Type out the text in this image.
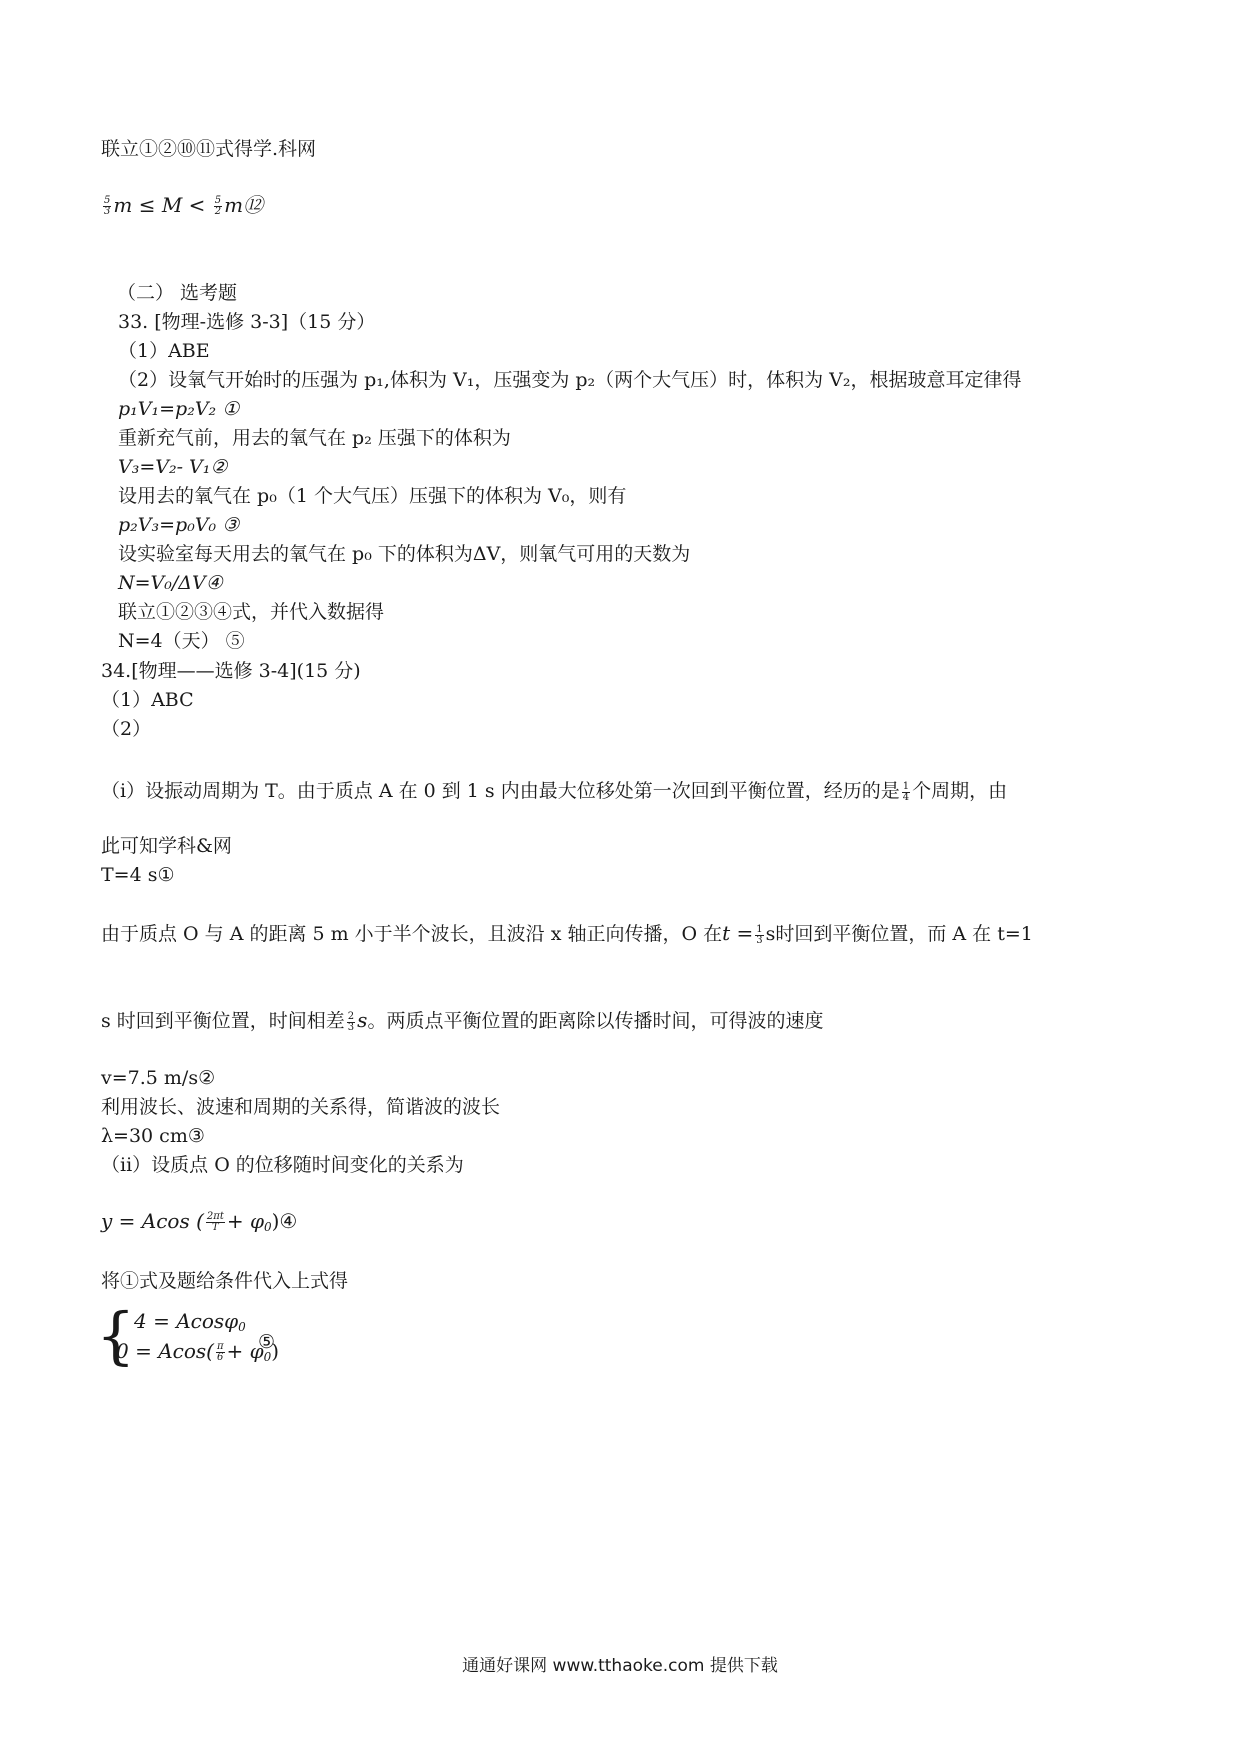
联立①②⑩⑪式得学.科网
$\frac{5}{3}$ $m \le M < \frac{5}{2}$ m⑫
（二） 选考题
33. [物理-选修 3-3]（15 分）
（1）ABE
（2）设氧气开始时的压强为 p₁,体积为 V₁，压强变为 p₂（两个大气压）时，体积为 V₂，根据玻意耳定律得
p₁V₁=p₂V₂ ①
重新充气前，用去的氧气在 p₂ 压强下的体积为
V₃=V₂- V₁②
设用去的氧气在 p₀（1 个大气压）压强下的体积为 V₀，则有
p₂V₃=p₀V₀ ③
设实验室每天用去的氧气在 p₀ 下的体积为ΔV，则氧气可用的天数为
N=V₀/ΔV④
联立①②③④式，并代入数据得
N=4（天） ⑤
34.[物理——选修 3-4](15 分)
（1）ABC
（2）
（i）设振动周期为 T。由于质点 A 在 0 到 1 s 内由最大位移处第一次回到平衡位置，经历的是 $\frac{1}{4}$ 个周期，由
此可知学科&网
T=4 s①
由于质点 O 与 A 的距离 5 m 小于半个波长，且波沿 x 轴正向传播，O 在$t = \frac{1}{3}$ s时回到平衡位置，而 A 在 t=1
s 时回到平衡位置，时间相差 $\frac{2}{3}$ s。两质点平衡位置的距离除以传播时间，可得波的速度
v=7.5 m/s②
利用波长、波速和周期的关系得，简谐波的波长
λ=30 cm③
（ii）设质点 O 的位移随时间变化的关系为
y = Acos ( $\frac{2\pi t}{T}$ + $\varphi_0)④$
将①式及题给条件代入上式得
{
4 = Acosφ$_0$
$0 = Acos( \frac{\pi}{6} + \varphi_0)$
⑤
通通好课网 www.tthaoke.com 提供下载
